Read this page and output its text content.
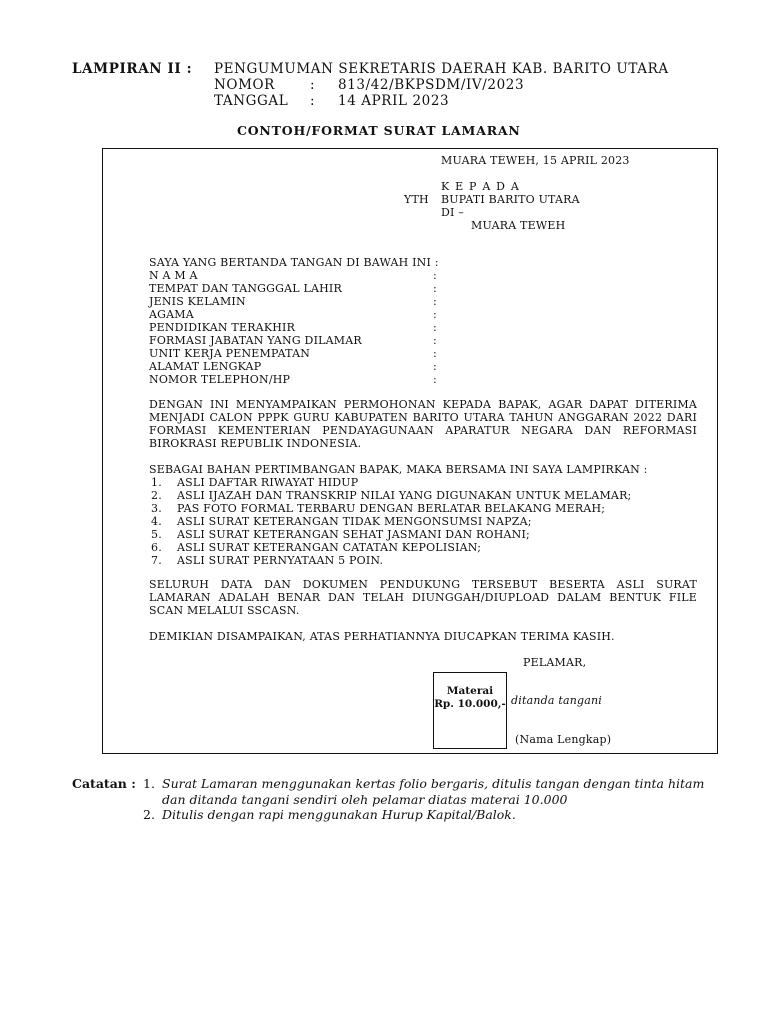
LAMPIRAN II : PENGUMUMAN SEKRETARIS DAERAH KAB. BARITO UTARA
NOMOR	: 813/42/BKPSDM/IV/2023
TANGGAL : 14 APRIL 2023
CONTOH/FORMAT SURAT LAMARAN
MUARA TEWEH, 15 APRIL 2023
K E P A D A
YTH BUPATI BARITO UTARA
DI –
MUARA TEWEH
SAYA YANG BERTANDA TANGAN DI BAWAH INI :
N A M A	:
TEMPAT DAN TANGGGAL LAHIR	:
JENIS KELAMIN	:
AGAMA	:
PENDIDIKAN TERAKHIR	:
FORMASI JABATAN YANG DILAMAR	:
UNIT KERJA PENEMPATAN	:
ALAMAT LENGKAP	:
NOMOR TELEPHON/HP	:
DENGAN INI MENYAMPAIKAN PERMOHONAN KEPADA BAPAK, AGAR DAPAT DITERIMA MENJADI CALON PPPK GURU KABUPATEN BARITO UTARA TAHUN ANGGARAN 2022 DARI FORMASI KEMENTERIAN PENDAYAGUNAAN APARATUR NEGARA DAN REFORMASI BIROKRASI REPUBLIK INDONESIA.
SEBAGAI BAHAN PERTIMBANGAN BAPAK, MAKA BERSAMA INI SAYA LAMPIRKAN :
1.	ASLI DAFTAR RIWAYAT HIDUP
2.	ASLI IJAZAH DAN TRANSKRIP NILAI YANG DIGUNAKAN UNTUK MELAMAR;
3.	PAS FOTO FORMAL TERBARU DENGAN BERLATAR BELAKANG MERAH;
4.	ASLI SURAT KETERANGAN TIDAK MENGONSUMSI NAPZA;
5.	ASLI SURAT KETERANGAN SEHAT JASMANI DAN ROHANI;
6.	ASLI SURAT KETERANGAN CATATAN KEPOLISIAN;
7.	ASLI SURAT PERNYATAAN 5 POIN.
SELURUH DATA DAN DOKUMEN PENDUKUNG TERSEBUT BESERTA ASLI SURAT LAMARAN ADALAH BENAR DAN TELAH DIUNGGAH/DIUPLOAD DALAM BENTUK FILE SCAN MELALUI SSCASN.
DEMIKIAN DISAMPAIKAN, ATAS PERHATIANNYA DIUCAPKAN TERIMA KASIH.
PELAMAR,
Materai
Rp. 10.000,- ditanda tangani
(Nama Lengkap)
Catatan : 1. Surat Lamaran menggunakan kertas folio bergaris, ditulis tangan dengan tinta hitam
dan ditanda tangani sendiri oleh pelamar diatas materai 10.000
2. Ditulis dengan rapi menggunakan Hurup Kapital/Balok.
